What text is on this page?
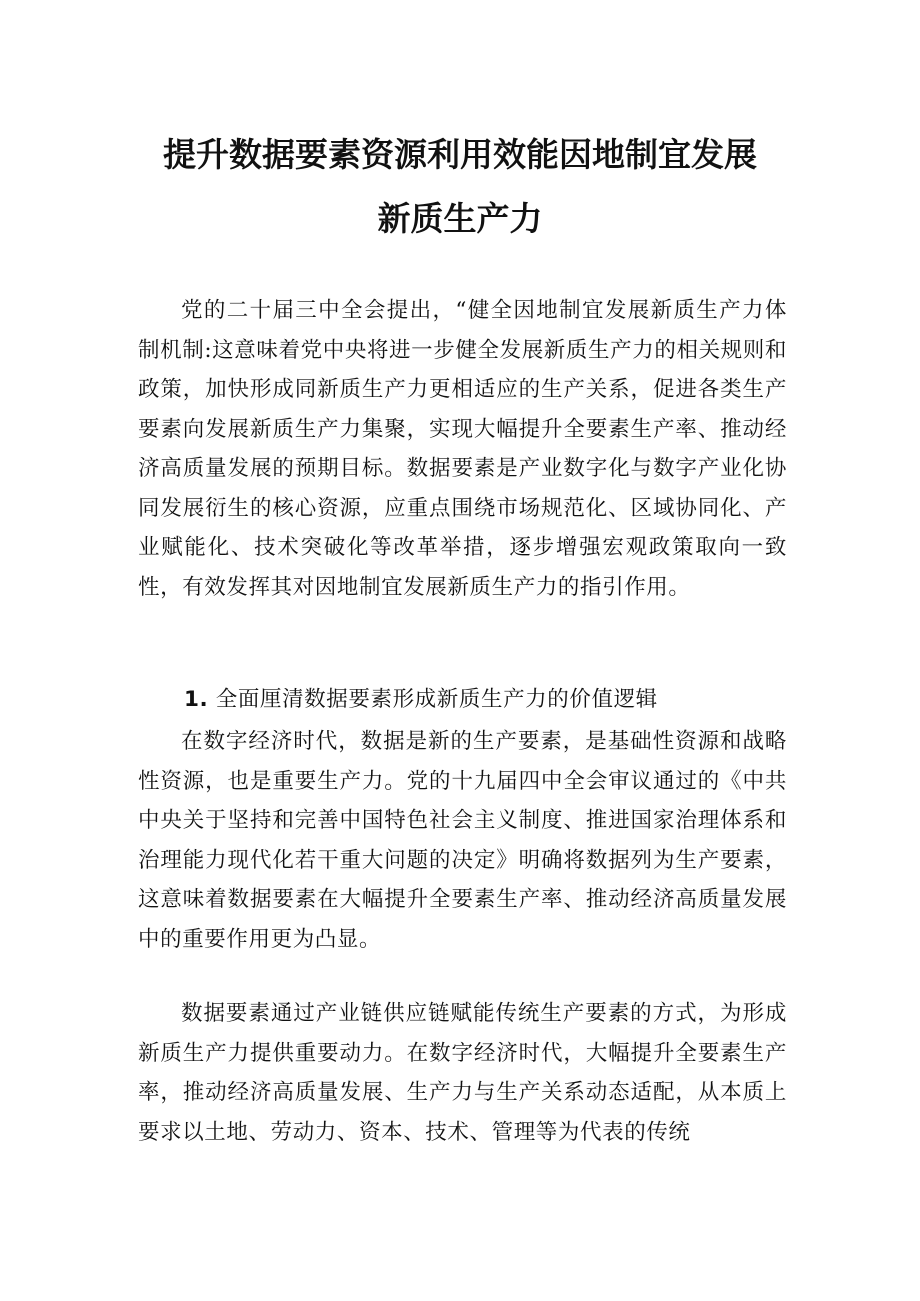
提升数据要素资源利用效能因地制宜发展
新质生产力

党的二十届三中全会提出，“健全因地制宜发展新质生产力体制机制:这意味着党中央将进一步健全发展新质生产力的相关规则和政策，加快形成同新质生产力更相适应的生产关系，促进各类生产要素向发展新质生产力集聚，实现大幅提升全要素生产率、推动经济高质量发展的预期目标。数据要素是产业数字化与数字产业化协同发展衍生的核心资源，应重点围绕市场规范化、区域协同化、产业赋能化、技术突破化等改革举措，逐步增强宏观政策取向一致性，有效发挥其对因地制宜发展新质生产力的指引作用。

1. 全面厘清数据要素形成新质生产力的价值逻辑

在数字经济时代，数据是新的生产要素，是基础性资源和战略性资源，也是重要生产力。党的十九届四中全会审议通过的《中共中央关于坚持和完善中国特色社会主义制度、推进国家治理体系和治理能力现代化若干重大问题的决定》明确将数据列为生产要素，这意味着数据要素在大幅提升全要素生产率、推动经济高质量发展中的重要作用更为凸显。

数据要素通过产业链供应链赋能传统生产要素的方式，为形成新质生产力提供重要动力。在数字经济时代，大幅提升全要素生产率，推动经济高质量发展、生产力与生产关系动态适配，从本质上要求以土地、劳动力、资本、技术、管理等为代表的传统
